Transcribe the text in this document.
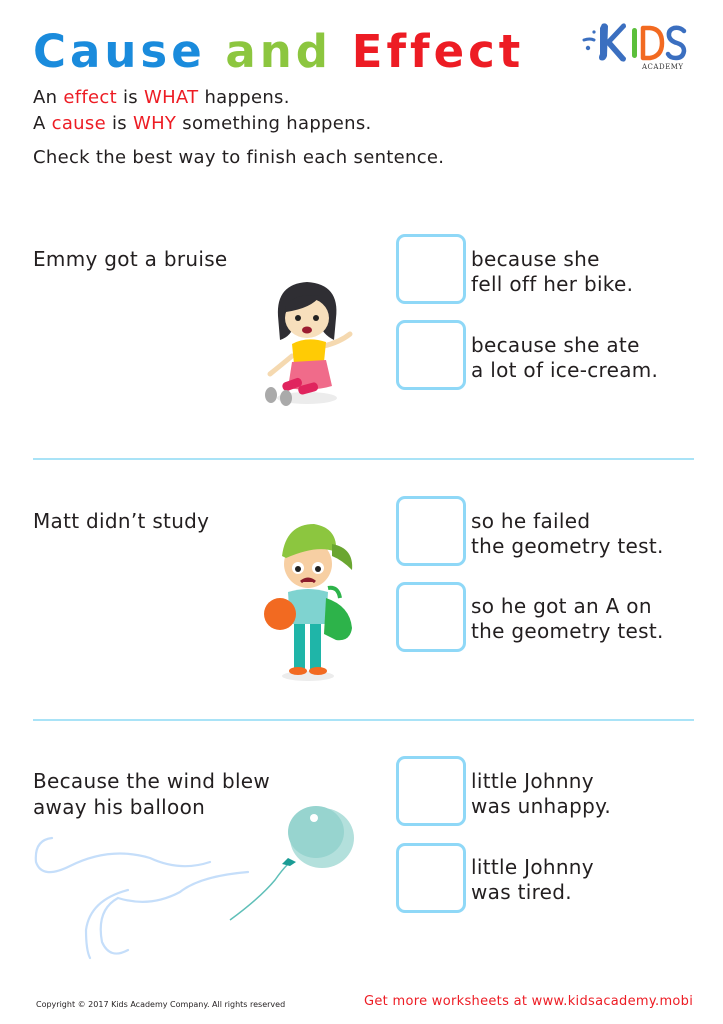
Cause and Effect	ACADEMY
An effect is WHAT happens.
A cause is WHY something happens.
Check the best way to finish each sentence.
Emmy got a bruise	because she
fell off her bike.
because she ate
a lot of ice-cream.
Matt didn’t study	so he failed
the geometry test.
so he got an A on
the geometry test.
Because the wind blew
away his balloon
little Johnny
was unhappy.
little Johnny
was tired.
Copyright © 2017 Kids Academy Company. All rights reserved	Get more worksheets at www.kidsacademy.mobi
